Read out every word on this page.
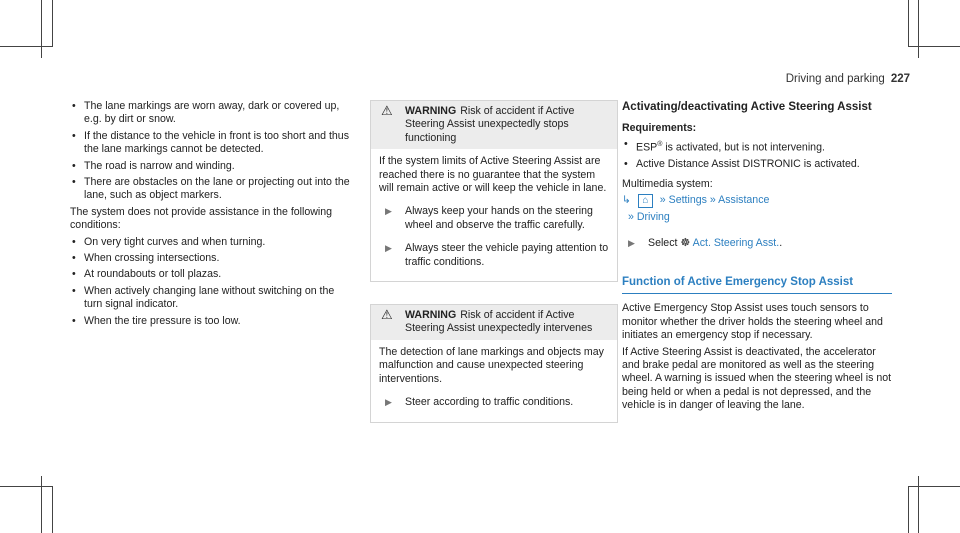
Driving and parking 227
• The lane markings are worn away, dark or covered up, e.g. by dirt or snow.
• If the distance to the vehicle in front is too short and thus the lane markings cannot be detected.
• The road is narrow and winding.
• There are obstacles on the lane or projecting out into the lane, such as object markers.

The system does not provide assistance in the following conditions:

• On very tight curves and when turning.
• When crossing intersections.
• At roundabouts or toll plazas.
• When actively changing lane without switching on the turn signal indicator.
• When the tire pressure is too low.
⚠ WARNING Risk of accident if Active Steering Assist unexpectedly stops functioning

If the system limits of Active Steering Assist are reached there is no guarantee that the system will remain active or will keep the vehicle in lane.

▶ Always keep your hands on the steering wheel and observe the traffic carefully.
▶ Always steer the vehicle paying attention to traffic conditions.
⚠ WARNING Risk of accident if Active Steering Assist unexpectedly intervenes

The detection of lane markings and objects may malfunction and cause unexpected steering interventions.

▶ Steer according to traffic conditions.
Activating/deactivating Active Steering Assist
Requirements:
• ESP® is activated, but is not intervening.
• Active Distance Assist DISTRONIC is activated.

Multimedia system:

↳ ⌂ » Settings » Assistance
» Driving
▶ Select ☸ Act. Steering Asst..
Function of Active Emergency Stop Assist

Active Emergency Stop Assist uses touch sensors to monitor whether the driver holds the steering wheel and initiates an emergency stop if necessary.

If Active Steering Assist is deactivated, the accelerator and brake pedal are monitored as well as the steering wheel. A warning is issued when the steering wheel is not being held or when a pedal is not depressed, and the vehicle is in danger of leaving the lane.
